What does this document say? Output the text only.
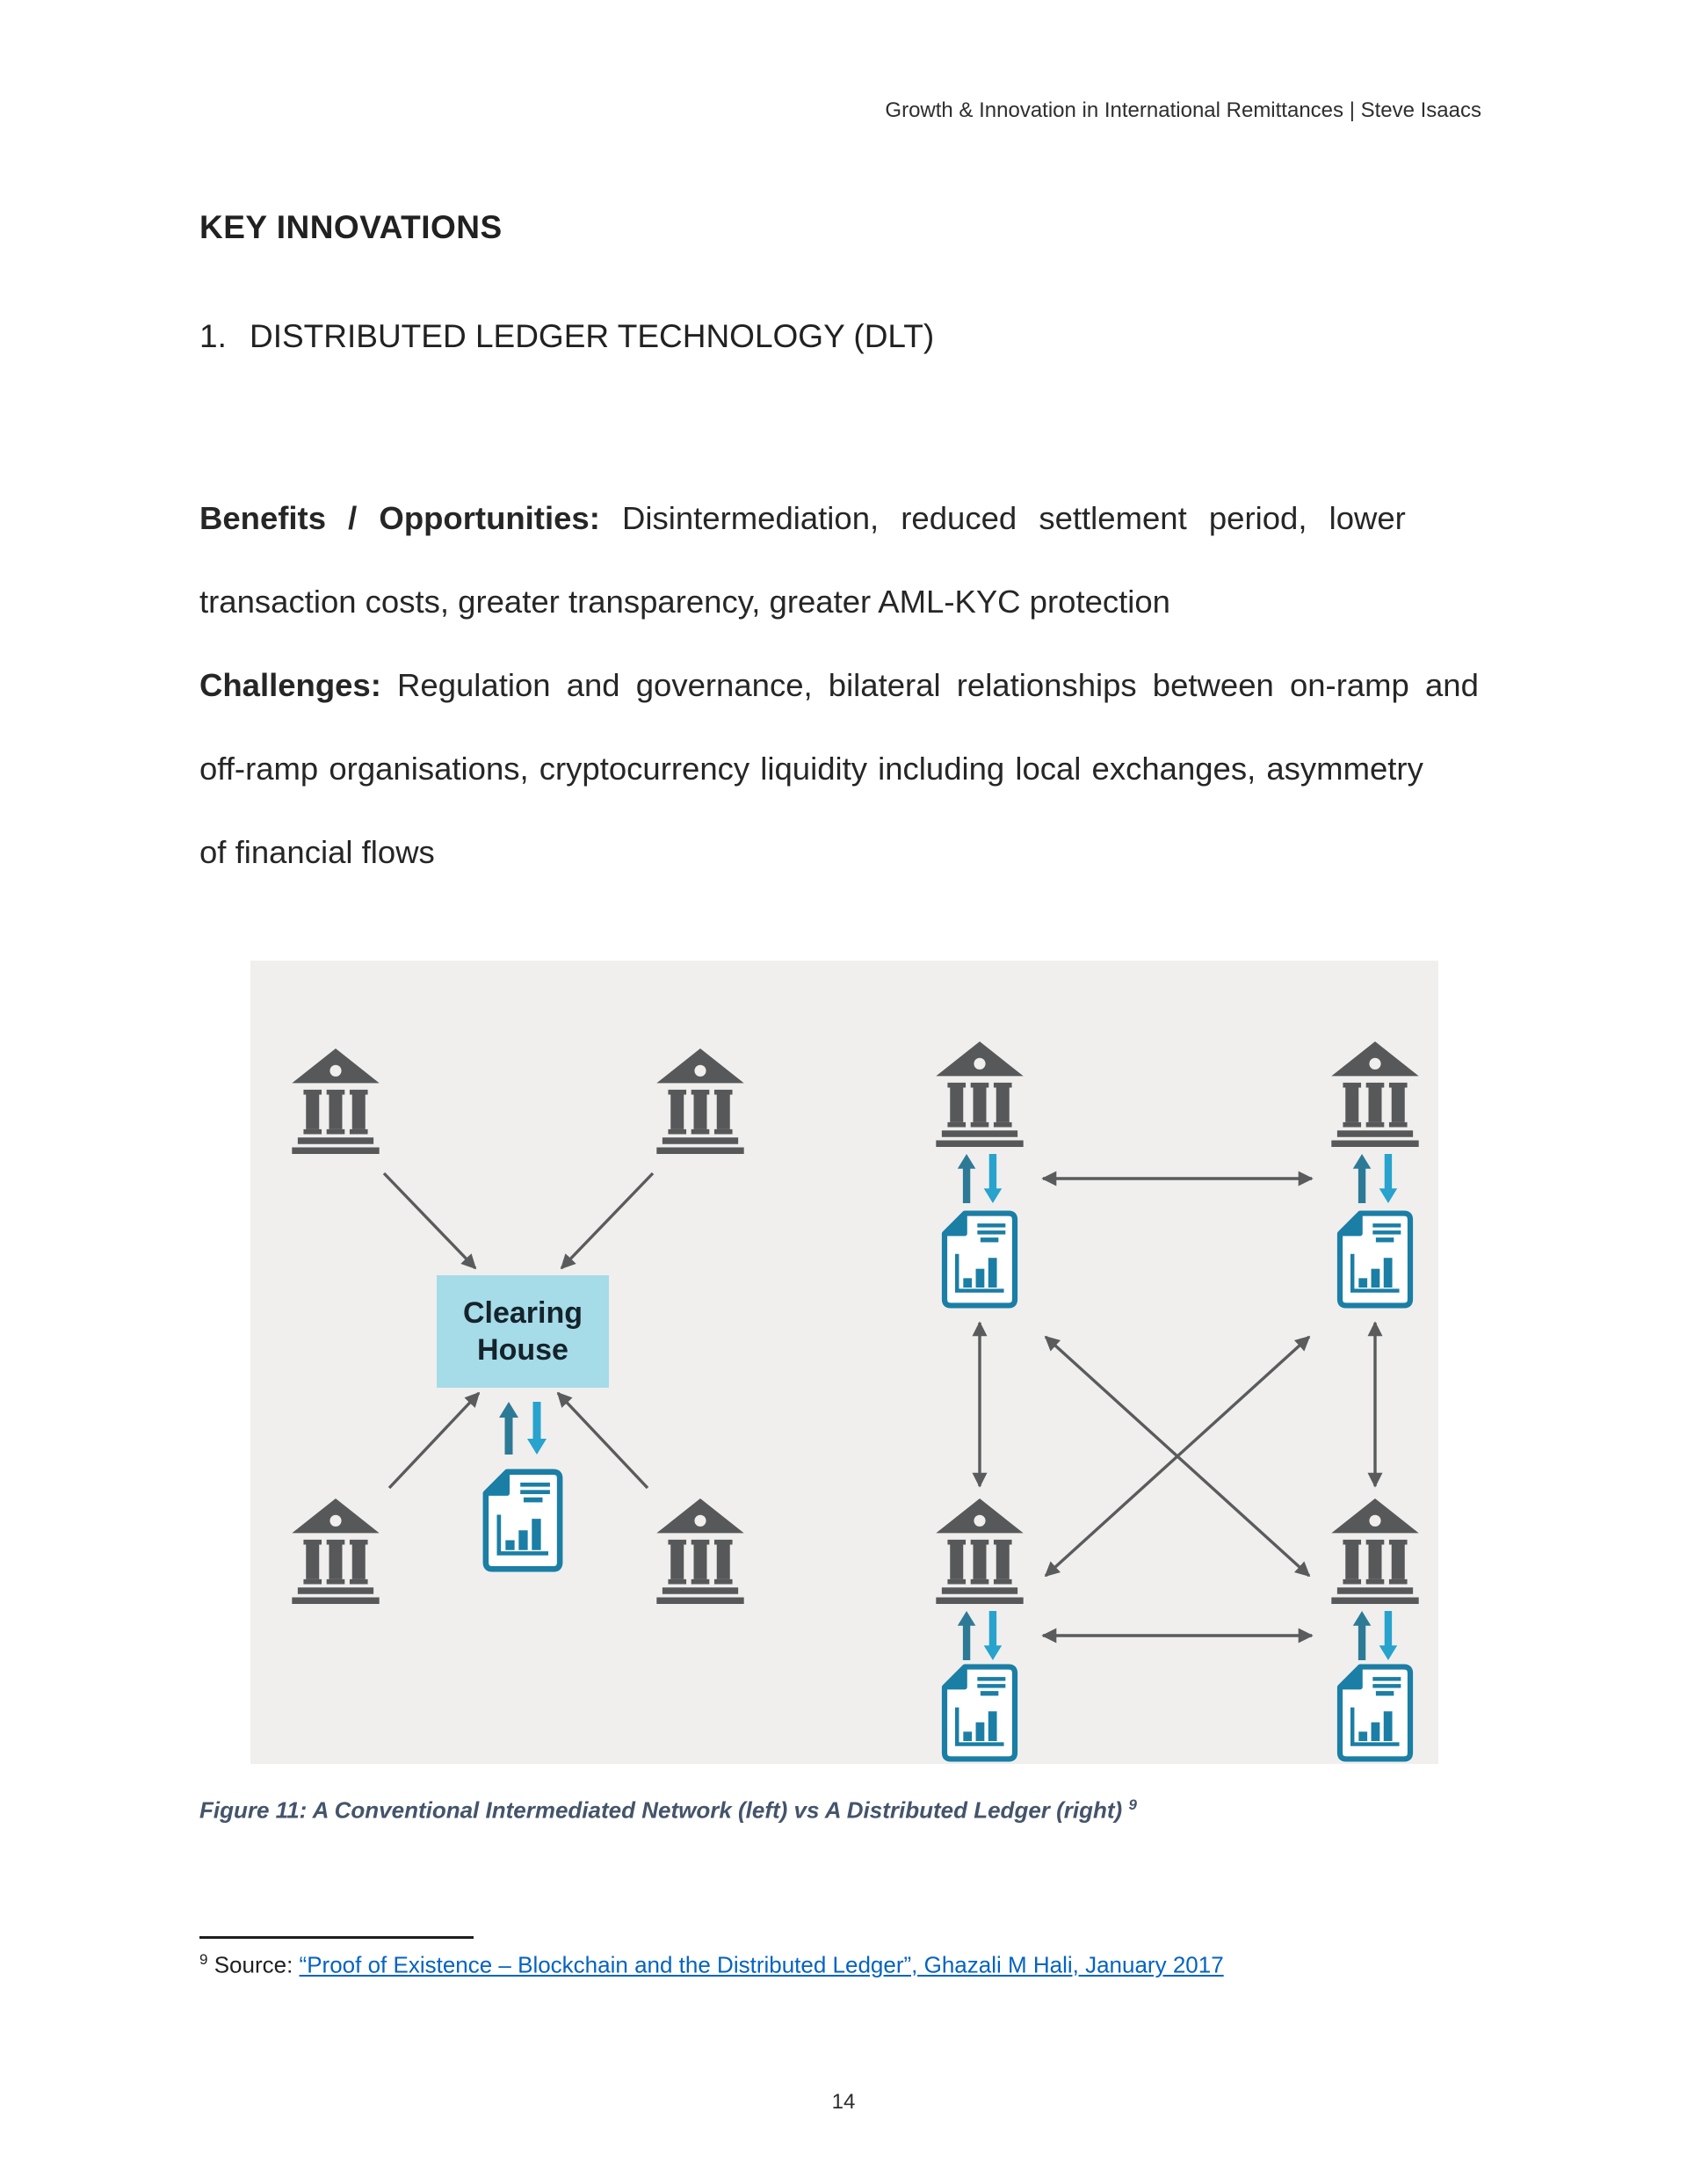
Growth & Innovation in International Remittances | Steve Isaacs
KEY INNOVATIONS
1. DISTRIBUTED LEDGER TECHNOLOGY (DLT)
Benefits / Opportunities: Disintermediation, reduced settlement period, lower
transaction costs, greater transparency, greater AML-KYC protection
Challenges: Regulation and governance, bilateral relationships between on-ramp and
off-ramp organisations, cryptocurrency liquidity including local exchanges, asymmetry
of financial flows
Clearing House
Figure 11: A Conventional Intermediated Network (left) vs A Distributed Ledger (right) $^9$
$^9$ Source: “Proof of Existence – Blockchain and the Distributed Ledger”, Ghazali M Hali, January 2017
14
